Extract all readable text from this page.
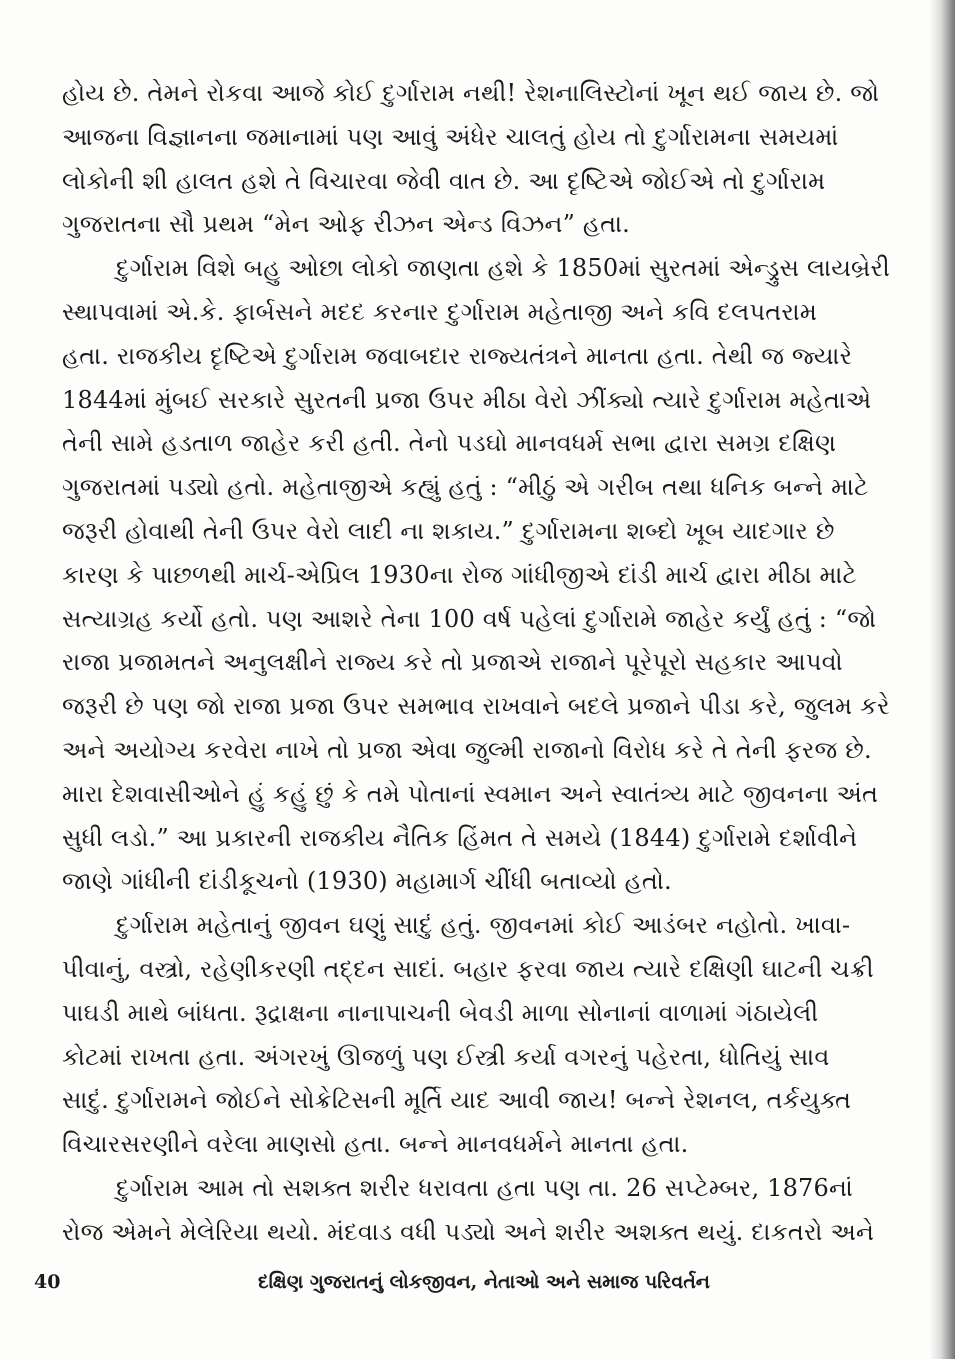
હોય છે. તેમને રોકવા આજે કોઈ દુર્ગારામ નથી! રેશનાલિસ્ટોનાં ખૂન થઈ જાય છે. જો
આજના વિજ્ઞાનના જમાનામાં પણ આવું અંધેર ચાલતું હોય તો દુર્ગારામના સમયમાં
લોકોની શી હાલત હશે તે વિચારવા જેવી વાત છે. આ દૃષ્ટિએ જોઈએ તો દુર્ગારામ
ગુજરાતના સૌ પ્રથમ “મેન ઓફ રીઝન એન્ડ વિઝન” હતા.
દુર્ગારામ વિશે બહુ ઓછા લોકો જાણતા હશે કે 1850માં સુરતમાં એન્ડ્રુસ લાયબ્રેરી
સ્થાપવામાં એ.કે. ફાર્બસને મદદ કરનાર દુર્ગારામ મહેતાજી અને કવિ દલપતરામ
હતા. રાજકીય દૃષ્ટિએ દુર્ગારામ જવાબદાર રાજ્યતંત્રને માનતા હતા. તેથી જ જ્યારે
1844માં મુંબઈ સરકારે સુરતની પ્રજા ઉપર મીઠા વેરો ઝીંક્યો ત્યારે દુર્ગારામ મહેતાએ
તેની સામે હડતાળ જાહેર કરી હતી. તેનો પડઘો માનવધર્મ સભા દ્વારા સમગ્ર દક્ષિણ
ગુજરાતમાં પડ્યો હતો. મહેતાજીએ કહ્યું હતું : “મીઠું એ ગરીબ તથા ધનિક બન્ને માટે
જરૂરી હોવાથી તેની ઉપર વેરો લાદી ના શકાય.” દુર્ગારામના શબ્દો ખૂબ યાદગાર છે
કારણ કે પાછળથી માર્ચ-એપ્રિલ 1930ના રોજ ગાંધીજીએ દાંડી માર્ચ દ્વારા મીઠા માટે
સત્યાગ્રહ કર્યો હતો. પણ આશરે તેના 100 વર્ષ પહેલાં દુર્ગારામે જાહેર કર્યું હતું : “જો
રાજા પ્રજામતને અનુલક્ષીને રાજ્ય કરે તો પ્રજાએ રાજાને પૂરેપૂરો સહકાર આપવો
જરૂરી છે પણ જો રાજા પ્રજા ઉપર સમભાવ રાખવાને બદલે પ્રજાને પીડા કરે, જુલમ કરે
અને અયોગ્ય કરવેરા નાખે તો પ્રજા એવા જુલ્મી રાજાનો વિરોધ કરે તે તેની ફરજ છે.
મારા દેશવાસીઓને હું કહું છું કે તમે પોતાનાં સ્વમાન અને સ્વાતંત્ર્ય માટે જીવનના અંત
સુધી લડો.” આ પ્રકારની રાજકીય નૈતિક હિંમત તે સમયે (1844) દુર્ગારામે દર્શાવીને
જાણે ગાંધીની દાંડીકૂચનો (1930) મહામાર્ગ ચીંધી બતાવ્યો હતો.
દુર્ગારામ મહેતાનું જીવન ઘણું સાદું હતું. જીવનમાં કોઈ આડંબર નહોતો. ખાવા-
પીવાનું, વસ્ત્રો, રહેણીકરણી તદ્દન સાદાં. બહાર ફરવા જાય ત્યારે દક્ષિણી ઘાટની ચક્રી
પાઘડી માથે બાંધતા. રૂદ્રાક્ષના નાનાપાચની બેવડી માળા સોનાનાં વાળામાં ગંઠાયેલી
કોટમાં રાખતા હતા. અંગરખું ઊજળું પણ ઈસ્ત્રી કર્યા વગરનું પહેરતા, ધોતિયું સાવ
સાદું. દુર્ગારામને જોઈને સોક્રેટિસની મૂર્તિ યાદ આવી જાય! બન્ને રેશનલ, તર્કયુક્ત
વિચારસરણીને વરેલા માણસો હતા. બન્ને માનવધર્મને માનતા હતા.
દુર્ગારામ આમ તો સશક્ત શરીર ધરાવતા હતા પણ તા. 26 સપ્ટેમ્બર, 1876નાં
રોજ એમને મેલેરિયા થયો. મંદવાડ વધી પડ્યો અને શરીર અશક્ત થયું. દાકતરો અને
40	દક્ષિણ ગુજરાતનું લોકજીવન, નેતાઓ અને સમાજ પરિવર્તન
